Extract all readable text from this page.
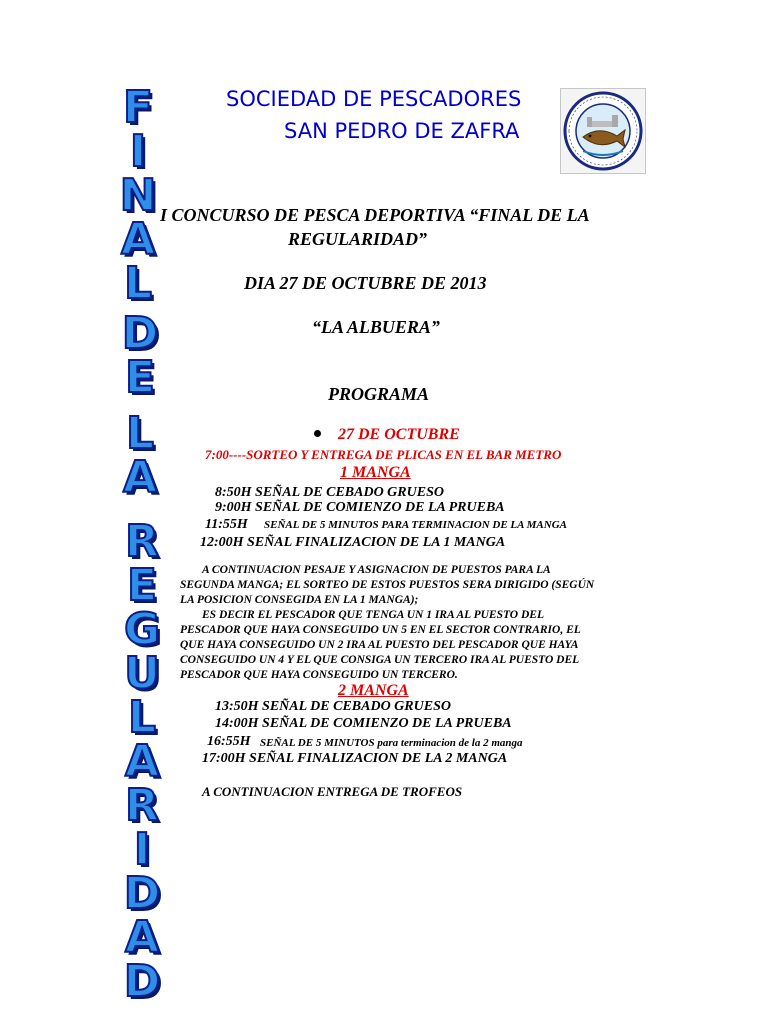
F
I
N
A
L
D
E
L
A
R
E
G
U
L
A
R
I
D
A
D
SOCIEDAD DE PESCADORES
SAN PEDRO DE ZAFRA
I CONCURSO DE PESCA DEPORTIVA “FINAL DE LA
REGULARIDAD”
DIA 27 DE OCTUBRE DE 2013
“LA ALBUERA”
PROGRAMA
27 DE OCTUBRE
7:00----SORTEO Y ENTREGA DE PLICAS EN EL BAR METRO
1 MANGA
8:50H SEÑAL DE CEBADO GRUESO
9:00H SEÑAL DE COMIENZO DE LA PRUEBA
11:55H SEÑAL DE 5 MINUTOS PARA TERMINACION DE LA MANGA
12:00H SEÑAL FINALIZACION DE LA 1 MANGA
A CONTINUACION PESAJE Y ASIGNACION DE PUESTOS PARA LA
SEGUNDA MANGA; EL SORTEO DE ESTOS PUESTOS SERA DIRIGIDO (SEGÚN
LA POSICION CONSEGIDA EN LA 1 MANGA);
ES DECIR EL PESCADOR QUE TENGA UN 1 IRA AL PUESTO DEL
PESCADOR QUE HAYA CONSEGUIDO UN 5 EN EL SECTOR CONTRARIO, EL
QUE HAYA CONSEGUIDO UN 2 IRA AL PUESTO DEL PESCADOR QUE HAYA
CONSEGUIDO UN 4 Y EL QUE CONSIGA UN TERCERO IRA AL PUESTO DEL
PESCADOR QUE HAYA CONSEGUIDO UN TERCERO.
2 MANGA
13:50H SEÑAL DE CEBADO GRUESO
14:00H SEÑAL DE COMIENZO DE LA PRUEBA
16:55H SEÑAL DE 5 MINUTOS para terminacion de la 2 manga
17:00H SEÑAL FINALIZACION DE LA 2 MANGA
A CONTINUACION ENTREGA DE TROFEOS
